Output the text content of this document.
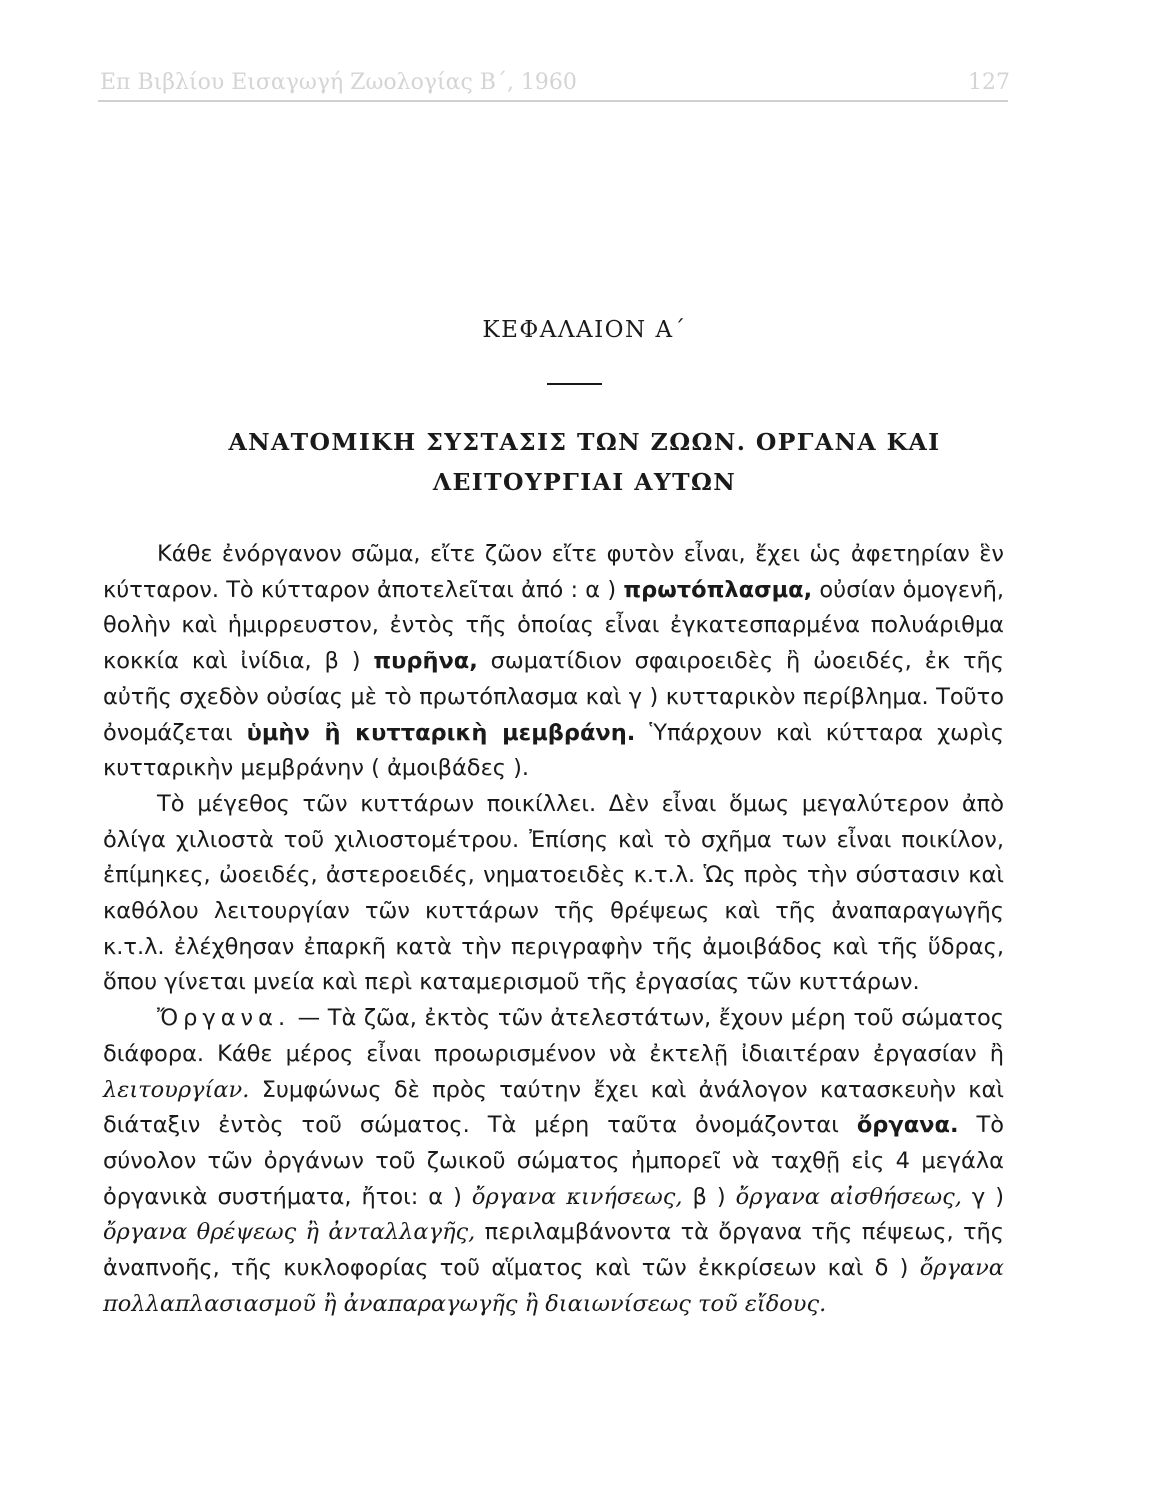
Επ Βιβλίου Εισαγωγή Ζωολογίας Β΄, 1960	127
ΚΕΦΑΛΑΙΟΝ Α΄
ΑΝΑΤΟΜΙΚΗ ΣΥΣΤΑΣΙΣ ΤΩΝ ΖΩΩΝ. ΟΡΓΑΝΑ ΚΑΙ
ΛΕΙΤΟΥΡΓΙΑΙ ΑΥΤΩΝ

Κάθε ἐνόργανον σῶμα, εἴτε ζῶον εἴτε φυτὸν εἶναι, ἔχει ὡς ἀφετηρίαν ἓν κύτταρον. Τὸ κύτταρον ἀποτελεῖται ἀπό : α ) πρωτόπλασμα, οὐσίαν ὁμογενῆ, θολὴν καὶ ἡμιρρευστον, ἐντὸς τῆς ὁποίας εἶναι ἐγκατεσπαρμένα πολυάριθμα κοκκία καὶ ἰνίδια, β ) πυρῆνα, σωματίδιον σφαιροειδὲς ἢ ὠοειδές, ἐκ τῆς αὐτῆς σχεδὸν οὐσίας μὲ τὸ πρωτόπλασμα καὶ γ ) κυτταρικὸν περίβλημα. Τοῦτο ὀνομάζεται ὑμὴν ἢ κυτταρικὴ μεμβράνη. Ὑπάρχουν καὶ κύτταρα χωρὶς κυτταρικὴν μεμβράνην ( ἀμοιβάδες ).

Τὸ μέγεθος τῶν κυττάρων ποικίλλει. Δὲν εἶναι ὅμως μεγαλύτερον ἀπὸ ὀλίγα χιλιοστὰ τοῦ χιλιοστομέτρου. Ἐπίσης καὶ τὸ σχῆμα των εἶναι ποικίλον, ἐπίμηκες, ὠοειδές, ἀστεροειδές, νηματοειδὲς κ.τ.λ. Ὡς πρὸς τὴν σύστασιν καὶ καθόλου λειτουργίαν τῶν κυττάρων τῆς θρέψεως καὶ τῆς ἀναπαραγωγῆς κ.τ.λ. ἐλέχθησαν ἐπαρκῆ κατὰ τὴν περιγραφὴν τῆς ἀμοιβάδος καὶ τῆς ὕδρας, ὅπου γίνεται μνεία καὶ περὶ καταμερισμοῦ τῆς ἐργασίας τῶν κυττάρων.

Ὄργανα. — Τὰ ζῶα, ἐκτὸς τῶν ἀτελεστάτων, ἔχουν μέρη τοῦ σώματος διάφορα. Κάθε μέρος εἶναι προωρισμένον νὰ ἐκτελῇ ἰδιαιτέραν ἐργασίαν ἢ λειτουργίαν. Συμφώνως δὲ πρὸς ταύτην ἔχει καὶ ἀνάλογον κατασκευὴν καὶ διάταξιν ἐντὸς τοῦ σώματος. Τὰ μέρη ταῦτα ὀνομάζονται ὄργανα. Τὸ σύνολον τῶν ὀργάνων τοῦ ζωικοῦ σώματος ἠμπορεῖ νὰ ταχθῇ εἰς 4 μεγάλα ὀργανικὰ συστήματα, ἤτοι: α ) ὄργανα κινήσεως, β ) ὄργανα αἰσθήσεως, γ ) ὄργανα θρέψεως ἢ ἀνταλλαγῆς, περιλαμβάνοντα τὰ ὄργανα τῆς πέψεως, τῆς ἀναπνοῆς, τῆς κυκλοφορίας τοῦ αἵματος καὶ τῶν ἐκκρίσεων καὶ δ ) ὄργανα πολλαπλασιασμοῦ ἢ ἀναπαραγωγῆς ἢ διαιωνίσεως τοῦ εἴδους.
